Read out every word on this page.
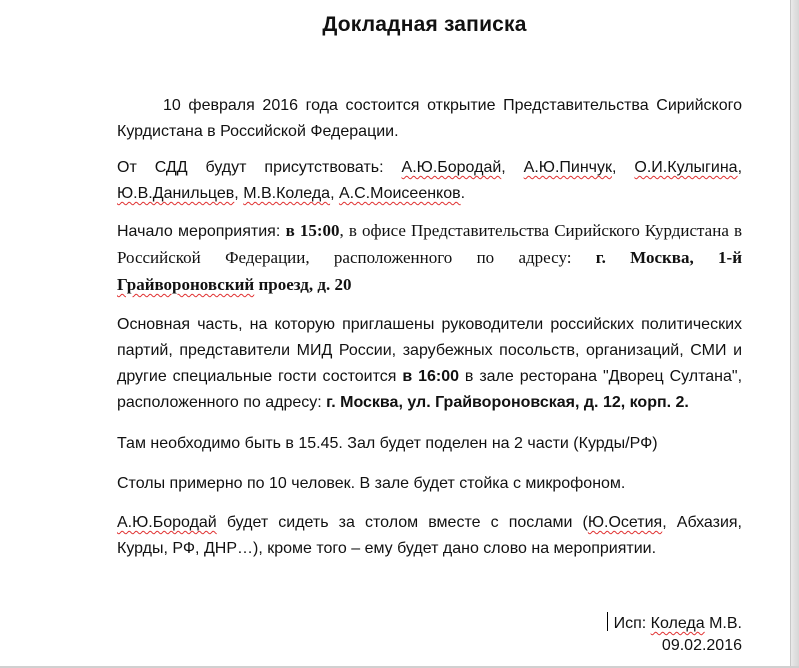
Докладная записка

10 февраля 2016 года состоится открытие Представительства Сирийского Курдистана в Российской Федерации.

От СДД будут присутствовать: А.Ю.Бородай, А.Ю.Пинчук, О.И.Кулыгина, Ю.В.Данильцев, М.В.Коледа, А.С.Моисеенков.

Начало мероприятия: в 15:00, в офисе Представительства Сирийского Курдистана в Российской Федерации, расположенного по адресу: г. Москва, 1-й Грайвороновский проезд, д. 20

Основная часть, на которую приглашены руководители российских политических партий, представители МИД России, зарубежных посольств, организаций, СМИ и другие специальные гости состоится в 16:00 в зале ресторана "Дворец Султана", расположенного по адресу: г. Москва, ул. Грайвороновская, д. 12, корп. 2.

Там необходимо быть в 15.45. Зал будет поделен на 2 части (Курды/РФ)

Столы примерно по 10 человек. В зале будет стойка с микрофоном.

А.Ю.Бородай будет сидеть за столом вместе с послами (Ю.Осетия, Абхазия, Курды, РФ, ДНР…), кроме того – ему будет дано слово на мероприятии.

Исп: Коледа М.В.
09.02.2016
